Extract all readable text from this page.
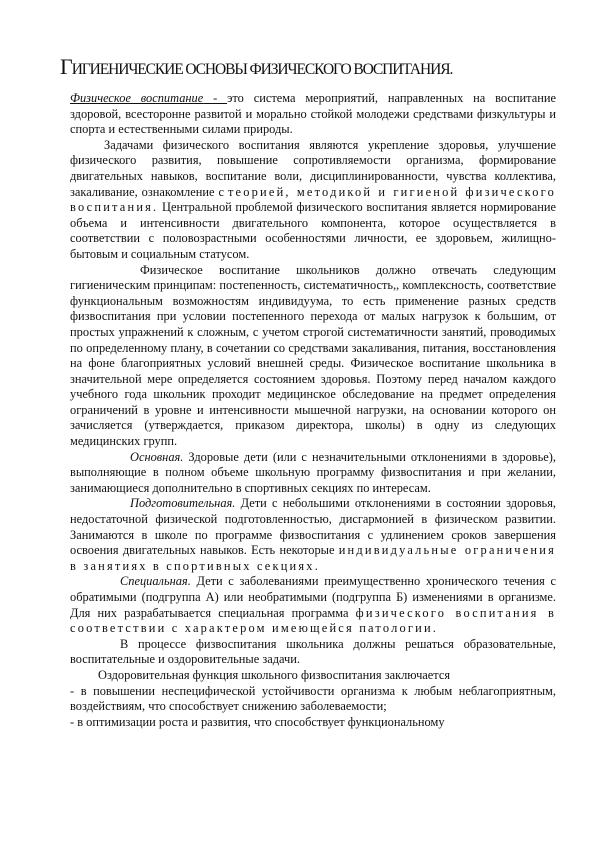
ГИГИЕНИЧЕСКИЕ ОСНОВЫ ФИЗИЧЕСКОГО ВОСПИТАНИЯ.

Физическое воспитание - это система мероприятий, направленных на воспитание здоровой, всесторонне развитой и морально стойкой молодежи средствами физкультуры и спорта и естественными силами природы.

Задачами физического воспитания являются укрепление здоровья, улучшение физического развития, повышение сопротивляемости организма, формирование двигательных навыков, воспитание воли, дисциплинированности, чувства коллектива, закаливание, ознакомление с теорией, методикой и гигиеной физического воспитания. Центральной проблемой физического воспитания является нормирование объема и интенсивности двигательного компонента, которое осуществляется в соответствии с половозрастными особенностями личности, ее здоровьем, жилищно-бытовым и социальным статусом.

Физическое воспитание школьников должно отвечать следующим гигиеническим принципам: постепенность, систематичность,, комплексность, соответствие функциональным возможностям индивидуума, то есть применение разных средств физвоспитания при условии постепенного перехода от малых нагрузок к большим, от простых упражнений к сложным, с учетом строгой систематичности занятий, проводимых по определенному плану, в сочетании со средствами закаливания, питания, восстановления на фоне благоприятных условий внешней среды. Физическое воспитание школьника в значительной мере определяется состоянием здоровья. Поэтому перед началом каждого учебного года школьник проходит медицинское обследование на предмет определения ограничений в уровне и интенсивности мышечной нагрузки, на основании которого он зачисляется (утверждается, приказом директора, школы) в одну из следующих медицинских групп.

Основная. Здоровые дети (или с незначительными отклонениями в здоровье), выполняющие в полном объеме школьную программу физвоспитания и при желании, занимающиеся дополнительно в спортивных секциях по интересам.

Подготовительная. Дети с небольшими отклонениями в состоянии здоровья, недостаточной физической подготовленностью, дисгармонией в физическом развитии. Занимаются в школе по программе физвоспитания с удлинением сроков завершения освоения двигательных навыков. Есть некоторые индивидуальные ограничения в занятиях в спортивных секциях.

Специальная. Дети с заболеваниями преимущественно хронического течения с обратимыми (подгруппа А) или необратимыми (подгруппа Б) изменениями в организме. Для них разрабатывается специальная программа физического воспитания в соответствии с характером имеющейся патологии.

В процессе физвоспитания школьника должны решаться образовательные, воспитательные и оздоровительные задачи.

Оздоровительная функция школьного физвоспитания заключается

- в повышении неспецифической устойчивости организма к любым неблагоприятным, воздействиям, что способствует снижению заболеваемости;

- в оптимизации роста и развития, что способствует функциональному
